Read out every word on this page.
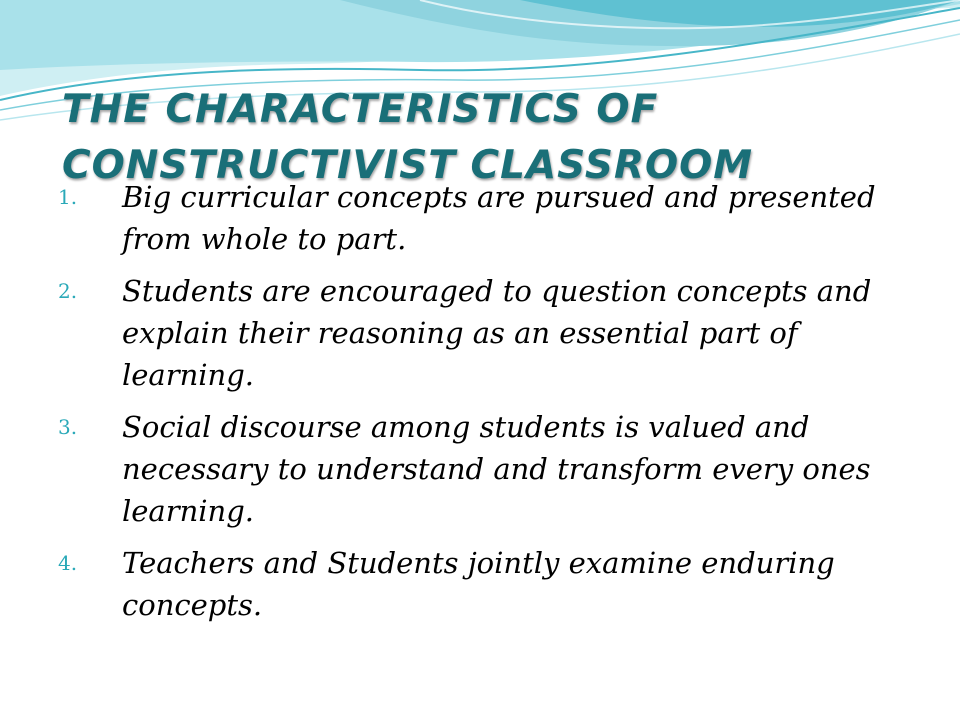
THE CHARACTERISTICS OF
CONSTRUCTIVIST CLASSROOM
1. Big curricular concepts are pursued and presented from whole to part.
2. Students are encouraged to question concepts and explain their reasoning as an essential part of learning.
3. Social discourse among students is valued and necessary to understand and transform every ones learning.
4. Teachers and Students jointly examine enduring concepts.
